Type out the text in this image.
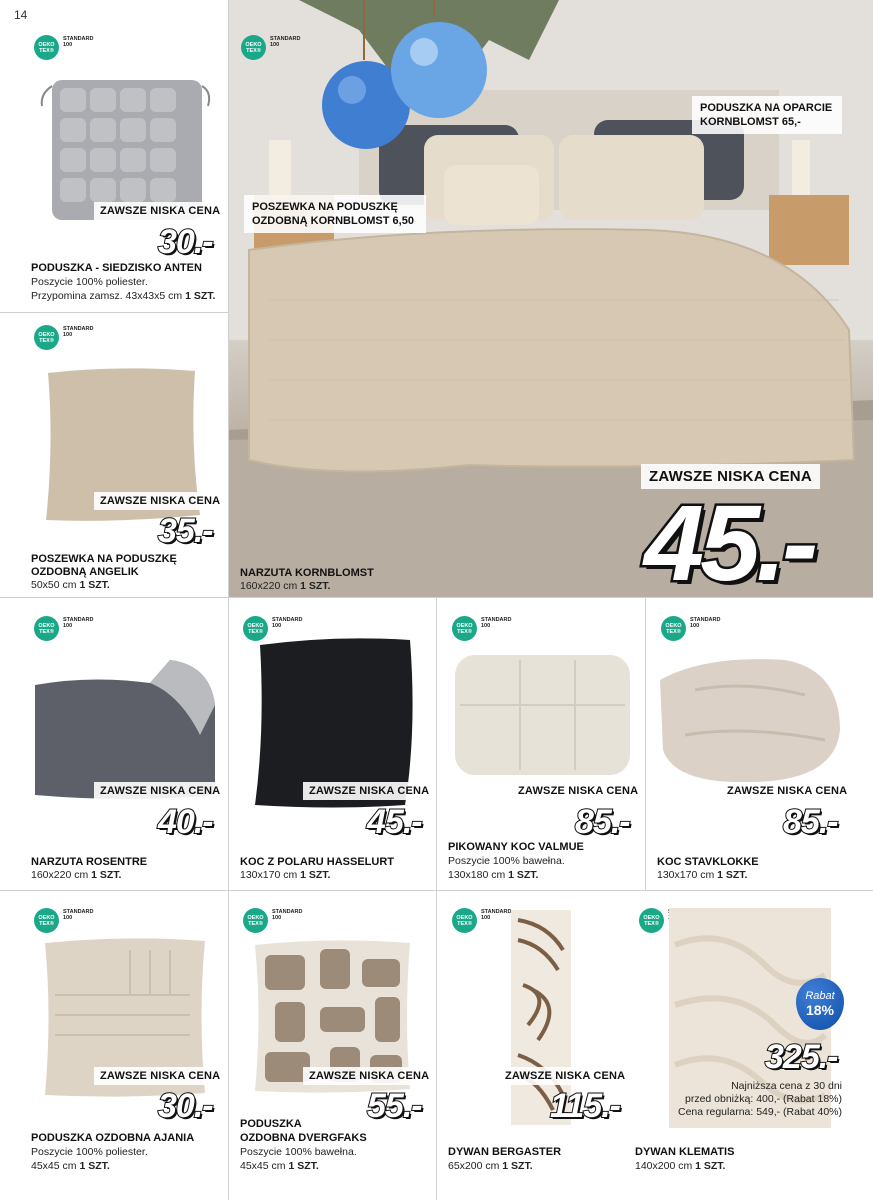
14
OEKO
TEX®
STANDARD
100
PODUSZKA NA OPARCIE
KORNBLOMST 65,-
POSZEWKA NA PODUSZKĘ
OZDOBNĄ KORNBLOMST 6,50
ZAWSZE NISKA CENA
45.-
NARZUTA KORNBLOMST
160x220 cm 1 SZT.
OEKO
TEX®
STANDARD
100
ZAWSZE NISKA CENA
30.-
PODUSZKA - SIEDZISKO ANTEN
Poszycie 100% poliester.
Przypomina zamsz. 43x43x5 cm 1 SZT.
OEKO
TEX®
STANDARD
100
ZAWSZE NISKA CENA
35.-
POSZEWKA NA PODUSZKĘ
OZDOBNĄ ANGELIK
50x50 cm 1 SZT.
OEKO
TEX®
STANDARD
100
ZAWSZE NISKA CENA
40.-
NARZUTA ROSENTRE
160x220 cm 1 SZT.
OEKO
TEX®
STANDARD
100
ZAWSZE NISKA CENA
45.-
KOC Z POLARU HASSELURT
130x170 cm 1 SZT.
OEKO
TEX®
STANDARD
100
ZAWSZE NISKA CENA
85.-
PIKOWANY KOC VALMUE
Poszycie 100% bawełna.
130x180 cm 1 SZT.
OEKO
TEX®
STANDARD
100
ZAWSZE NISKA CENA
85.-
KOC STAVKLOKKE
130x170 cm 1 SZT.
OEKO
TEX®
STANDARD
100
ZAWSZE NISKA CENA
30.-
PODUSZKA OZDOBNA AJANIA
Poszycie 100% poliester.
45x45 cm 1 SZT.
OEKO
TEX®
STANDARD
100
ZAWSZE NISKA CENA
55.-
PODUSZKA
OZDOBNA DVERGFAKS
Poszycie 100% bawełna.
45x45 cm 1 SZT.
OEKO
TEX®
STANDARD
100
ZAWSZE NISKA CENA
115.-
DYWAN BERGASTER
65x200 cm 1 SZT.
OEKO
TEX®
Rabat
18%
325.-
Najniższa cena z 30 dni
przed obniżką: 400,- (Rabat 18%)
Cena regularna: 549,- (Rabat 40%)
DYWAN KLEMATIS
140x200 cm 1 SZT.
